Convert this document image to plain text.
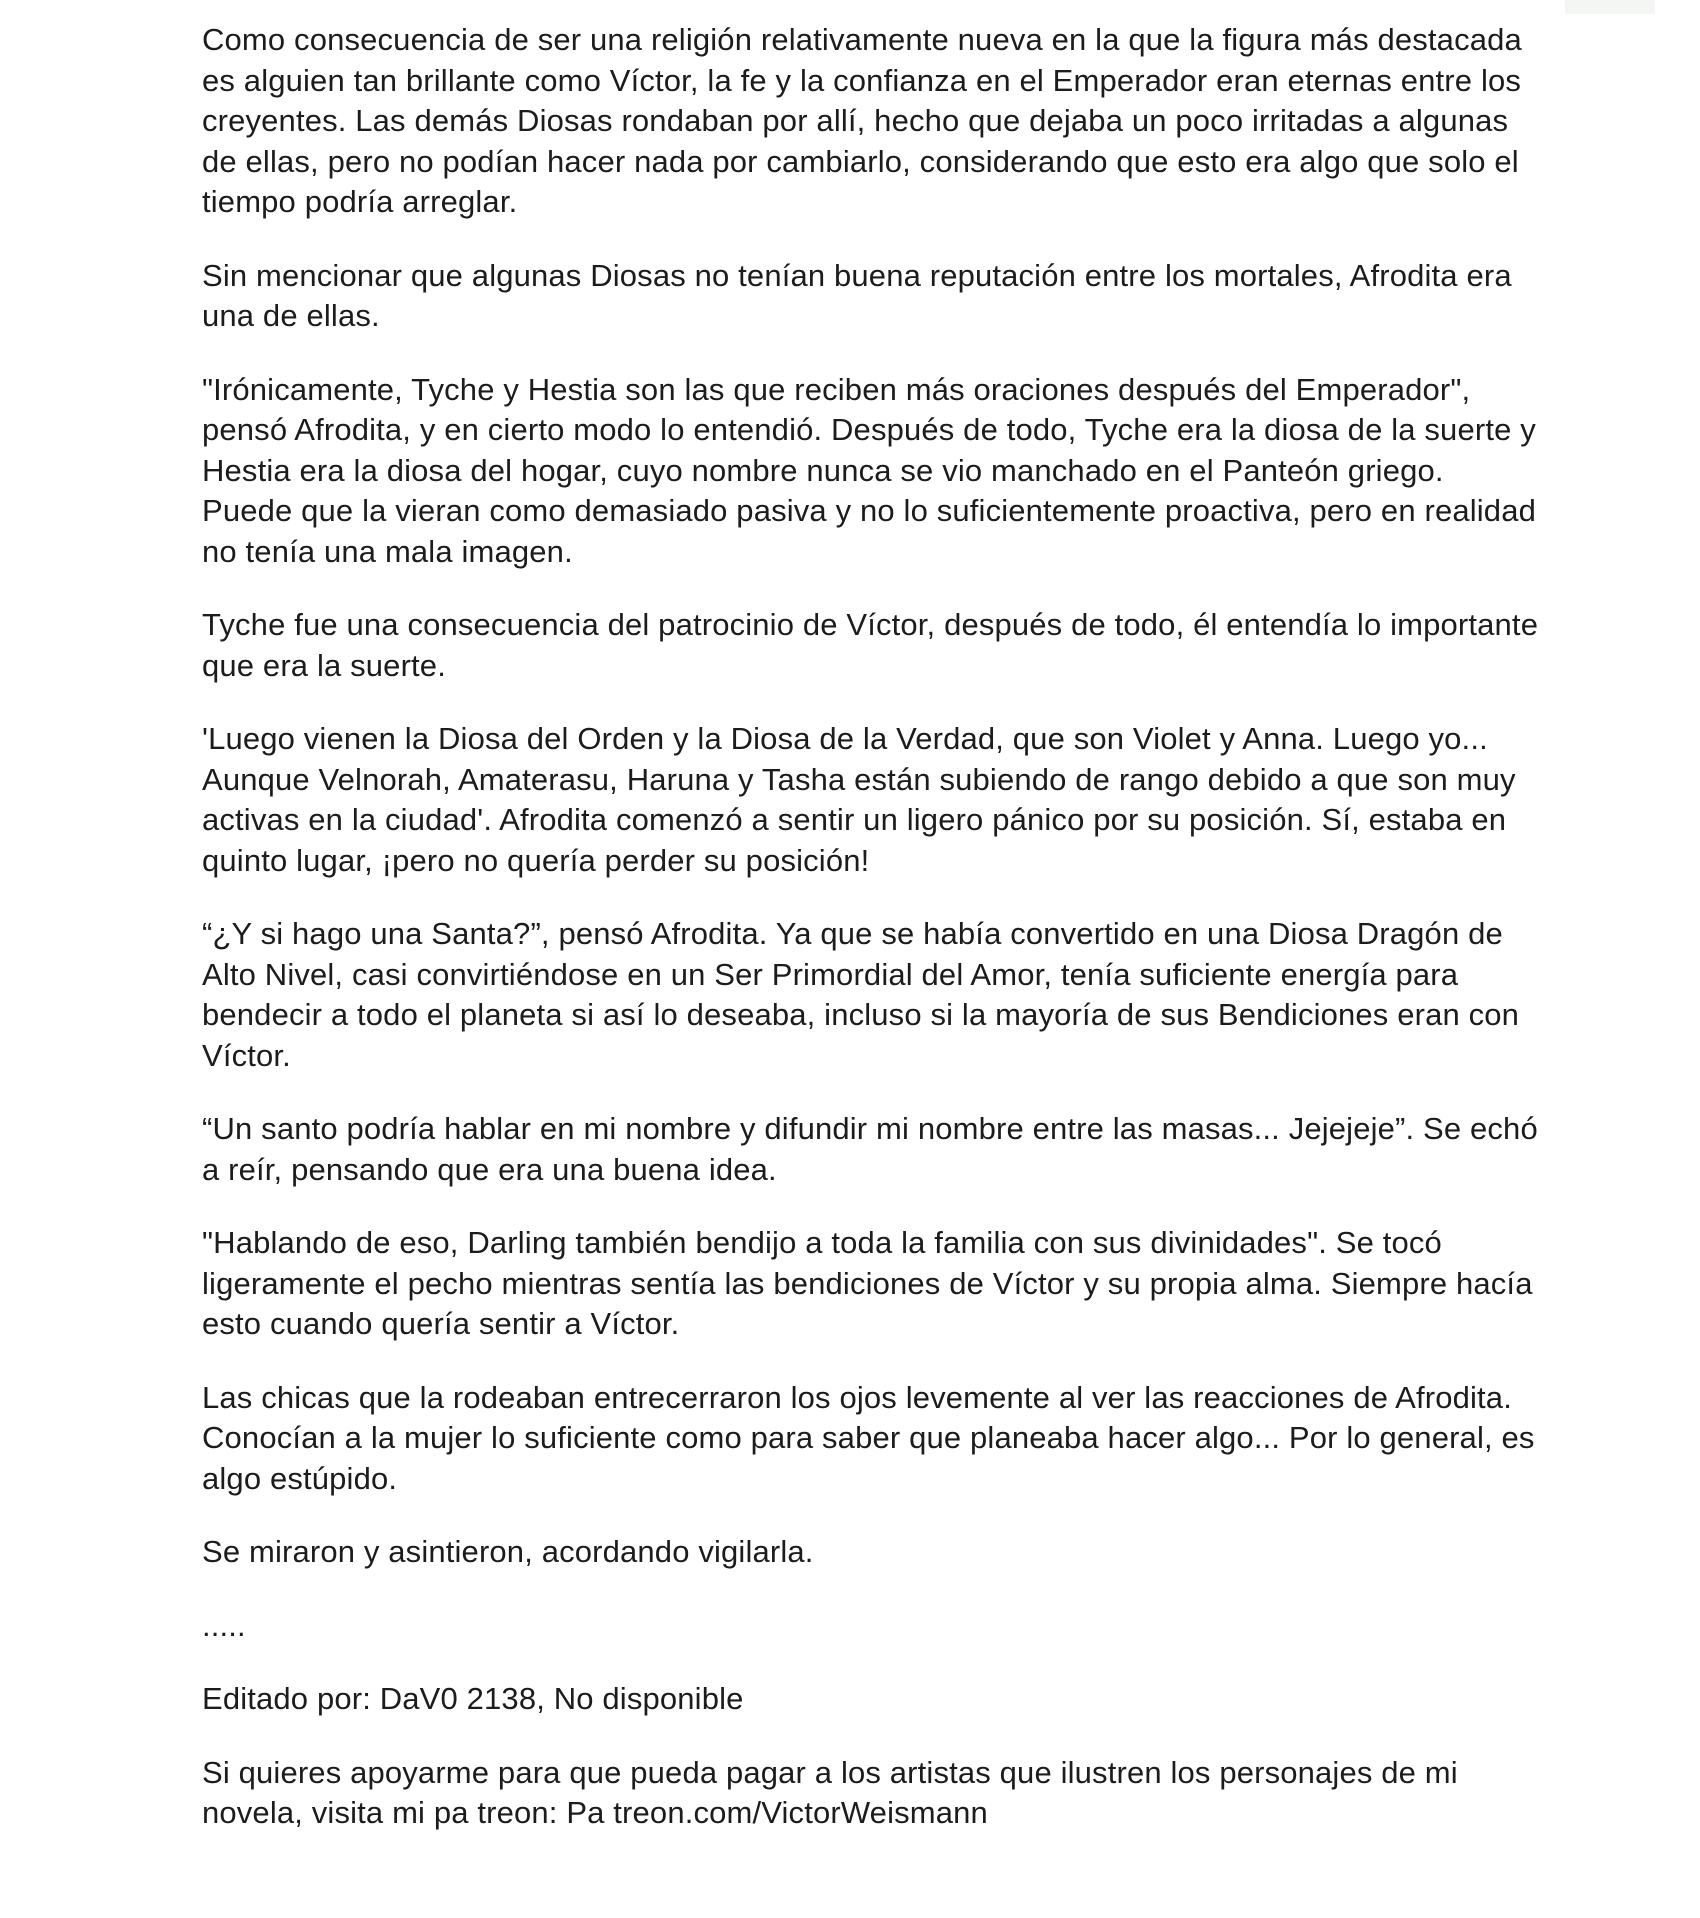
Como consecuencia de ser una religión relativamente nueva en la que la figura más destacada es alguien tan brillante como Víctor, la fe y la confianza en el Emperador eran eternas entre los creyentes. Las demás Diosas rondaban por allí, hecho que dejaba un poco irritadas a algunas de ellas, pero no podían hacer nada por cambiarlo, considerando que esto era algo que solo el tiempo podría arreglar.

Sin mencionar que algunas Diosas no tenían buena reputación entre los mortales, Afrodita era una de ellas.

"Irónicamente, Tyche y Hestia son las que reciben más oraciones después del Emperador", pensó Afrodita, y en cierto modo lo entendió. Después de todo, Tyche era la diosa de la suerte y Hestia era la diosa del hogar, cuyo nombre nunca se vio manchado en el Panteón griego. Puede que la vieran como demasiado pasiva y no lo suficientemente proactiva, pero en realidad no tenía una mala imagen.

Tyche fue una consecuencia del patrocinio de Víctor, después de todo, él entendía lo importante que era la suerte.

'Luego vienen la Diosa del Orden y la Diosa de la Verdad, que son Violet y Anna. Luego yo... Aunque Velnorah, Amaterasu, Haruna y Tasha están subiendo de rango debido a que son muy activas en la ciudad'. Afrodita comenzó a sentir un ligero pánico por su posición. Sí, estaba en quinto lugar, ¡pero no quería perder su posición!

“¿Y si hago una Santa?”, pensó Afrodita. Ya que se había convertido en una Diosa Dragón de Alto Nivel, casi convirtiéndose en un Ser Primordial del Amor, tenía suficiente energía para bendecir a todo el planeta si así lo deseaba, incluso si la mayoría de sus Bendiciones eran con Víctor.

“Un santo podría hablar en mi nombre y difundir mi nombre entre las masas... Jejejeje”. Se echó a reír, pensando que era una buena idea.

"Hablando de eso, Darling también bendijo a toda la familia con sus divinidades". Se tocó ligeramente el pecho mientras sentía las bendiciones de Víctor y su propia alma. Siempre hacía esto cuando quería sentir a Víctor.

Las chicas que la rodeaban entrecerraron los ojos levemente al ver las reacciones de Afrodita. Conocían a la mujer lo suficiente como para saber que planeaba hacer algo... Por lo general, es algo estúpido.

Se miraron y asintieron, acordando vigilarla.

.....

Editado por: DaV0 2138, No disponible

Si quieres apoyarme para que pueda pagar a los artistas que ilustren los personajes de mi novela, visita mi pa treon: Pa treon.com/VictorWeismann
